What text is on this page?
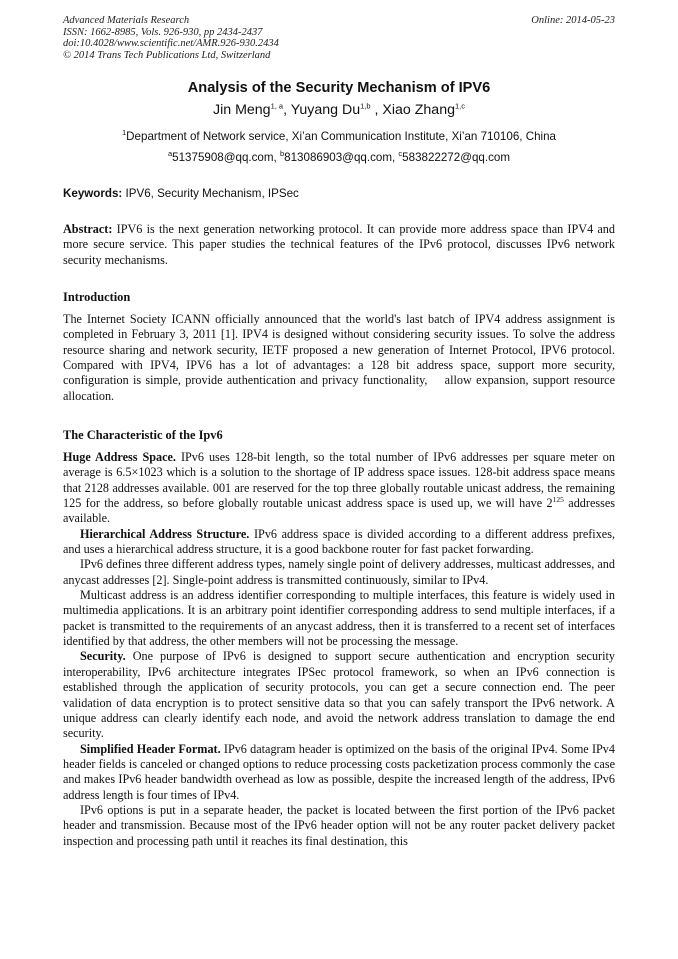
Advanced Materials Research
ISSN: 1662-8985, Vols. 926-930, pp 2434-2437
doi:10.4028/www.scientific.net/AMR.926-930.2434
© 2014 Trans Tech Publications Ltd, Switzerland
Online: 2014-05-23
Analysis of the Security Mechanism of IPV6
Jin Meng$^{1, a}$, Yuyang Du$^{1,b}$ , Xiao Zhang$^{1,c}$
$^1$Department of Network service, Xi’an Communication Institute, Xi’an 710106, China
$^a$51375908@qq.com, $^b$813086903@qq.com, $^c$583822272@qq.com
Keywords: IPV6, Security Mechanism, IPSec

Abstract: IPV6 is the next generation networking protocol. It can provide more address space than IPV4 and more secure service. This paper studies the technical features of the IPv6 protocol, discusses IPv6 network security mechanisms.

Introduction

The Internet Society ICANN officially announced that the world's last batch of IPV4 address assignment is completed in February 3, 2011 [1]. IPV4 is designed without considering security issues. To solve the address resource sharing and network security, IETF proposed a new generation of Internet Protocol, IPV6 protocol. Compared with IPV4, IPV6 has a lot of advantages: a 128 bit address space, support more security, configuration is simple, provide authentication and privacy functionality,    allow expansion, support resource allocation.

The Characteristic of the Ipv6

Huge Address Space. IPv6 uses 128-bit length, so the total number of IPv6 addresses per square meter on average is 6.5×1023 which is a solution to the shortage of IP address space issues. 128-bit address space means that 2128 addresses available. 001 are reserved for the top three globally routable unicast address, the remaining 125 for the address, so before globally routable unicast address space is used up, we will have $2^{125}$ addresses available.

Hierarchical Address Structure. IPv6 address space is divided according to a different address prefixes, and uses a hierarchical address structure, it is a good backbone router for fast packet forwarding.

IPv6 defines three different address types, namely single point of delivery addresses, multicast addresses, and anycast addresses [2]. Single-point address is transmitted continuously, similar to IPv4.

Multicast address is an address identifier corresponding to multiple interfaces, this feature is widely used in multimedia applications. It is an arbitrary point identifier corresponding address to send multiple interfaces, if a packet is transmitted to the requirements of an anycast address, then it is transferred to a recent set of interfaces identified by that address, the other members will not be processing the message.

Security. One purpose of IPv6 is designed to support secure authentication and encryption security interoperability, IPv6 architecture integrates IPSec protocol framework, so when an IPv6 connection is established through the application of security protocols, you can get a secure connection end. The peer validation of data encryption is to protect sensitive data so that you can safely transport the IPv6 network. A unique address can clearly identify each node, and avoid the network address translation to damage the end security.

Simplified Header Format. IPv6 datagram header is optimized on the basis of the original IPv4. Some IPv4 header fields is canceled or changed options to reduce processing costs packetization process commonly the case and makes IPv6 header bandwidth overhead as low as possible, despite the increased length of the address, IPv6 address length is four times of IPv4.

IPv6 options is put in a separate header, the packet is located between the first portion of the IPv6 packet header and transmission. Because most of the IPv6 header option will not be any router packet delivery packet inspection and processing path until it reaches its final destination, this
